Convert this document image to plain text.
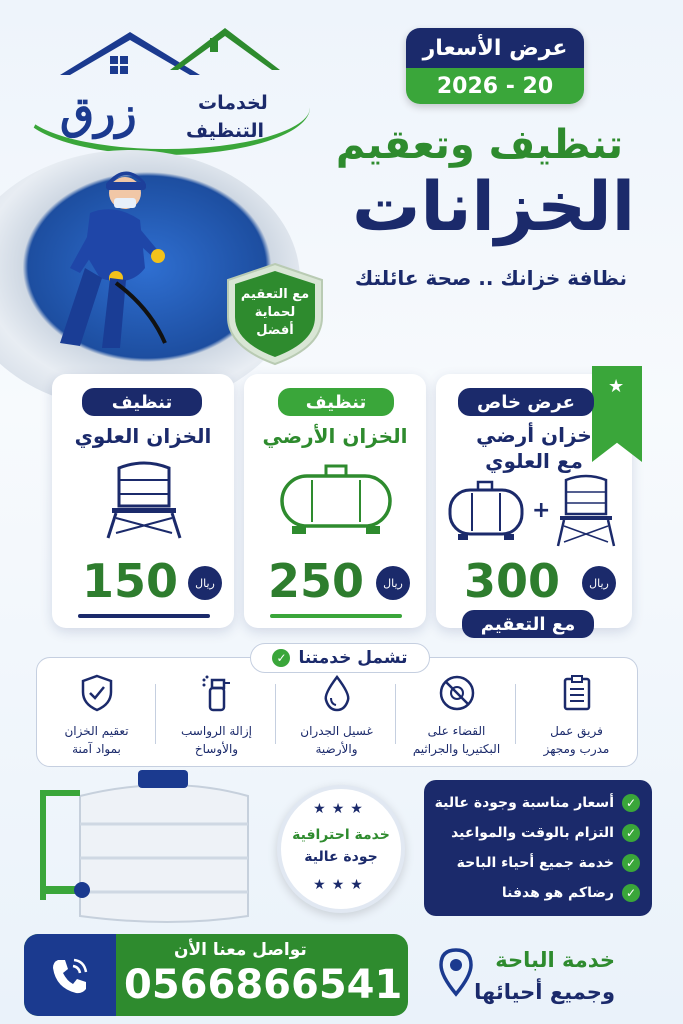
زرق	لخدمات
التنظيف
عرض الأسعار
2026 - 20
تنظيف وتعقيم
الخزانات
نظافة خزانك .. صحة عائلتك
مع التعقيم
لحماية
أفضل
تنظيف
الخزان العلوي
150	ريال
تنظيف
الخزان الأرضي
250	ريال
★
عرض خاص
خزان أرضي
مع العلوي
+
300	ريال
مع التعقيم
تعقيم الخزان
بمواد آمنة
إزالة الرواسب
والأوساخ
غسيل الجدران
والأرضية
القضاء على
البكتيريا والجراثيم
فريق عمل
مدرب ومجهز
✓ تشمل خدمتنا
★★★
خدمة احترافية
جودة عالية
★★★
✓
أسعار مناسبة وجودة عالية
✓
التزام بالوقت والمواعيد
✓
خدمة جميع أحياء الباحة
✓
رضاكم هو هدفنا
تواصل معنا الأن
0566866541
خدمة الباحة
وجميع أحيائها
